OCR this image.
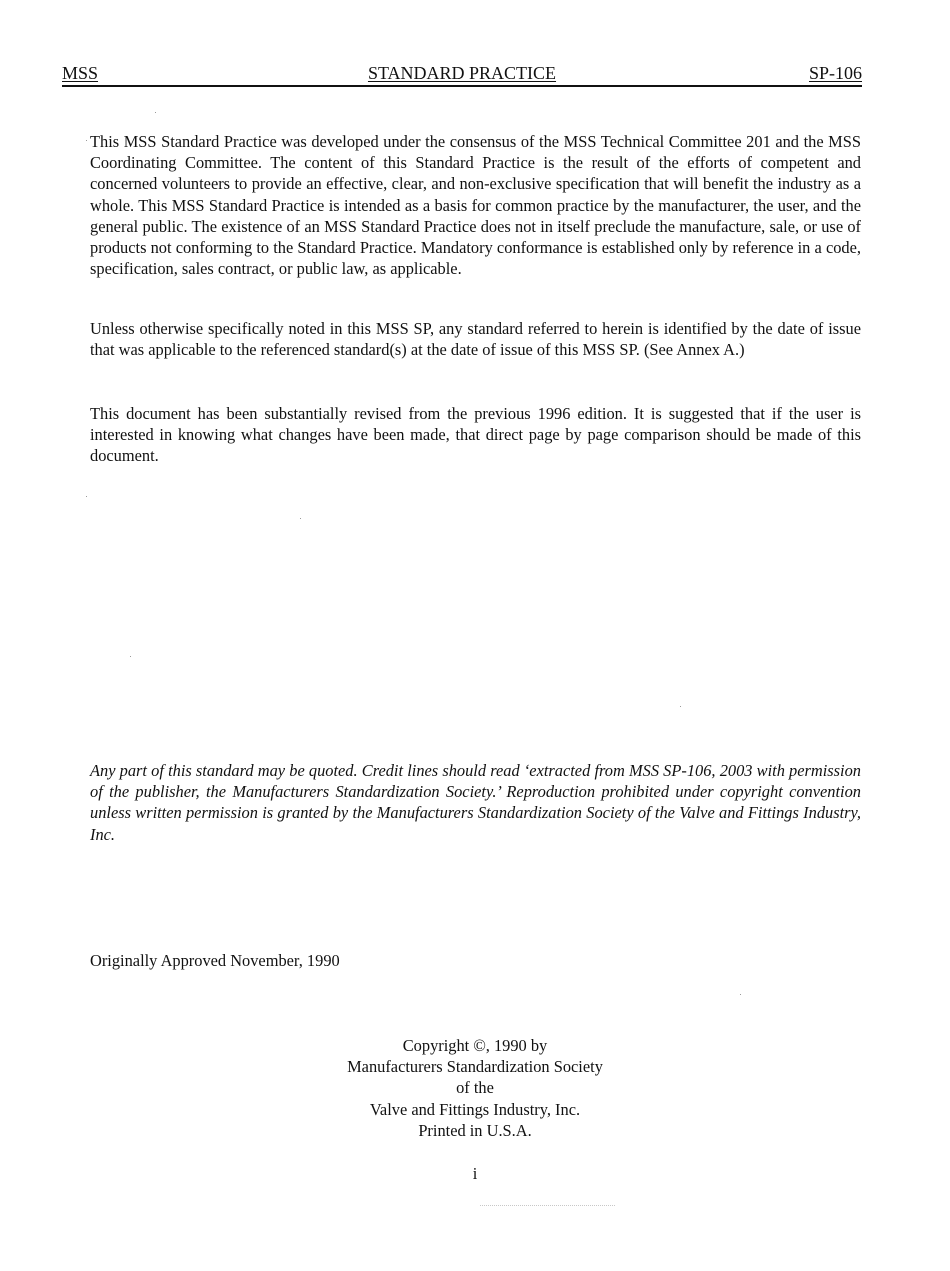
MSS	STANDARD PRACTICE	SP-106

This MSS Standard Practice was developed under the consensus of the MSS Technical Committee 201 and the MSS Coordinating Committee. The content of this Standard Practice is the result of the efforts of competent and concerned volunteers to provide an effective, clear, and non-exclusive specification that will benefit the industry as a whole. This MSS Standard Practice is intended as a basis for common practice by the manufacturer, the user, and the general public. The existence of an MSS Standard Practice does not in itself preclude the manufacture, sale, or use of products not conforming to the Standard Practice. Mandatory conformance is established only by reference in a code, specification, sales contract, or public law, as applicable.

Unless otherwise specifically noted in this MSS SP, any standard referred to herein is identified by the date of issue that was applicable to the referenced standard(s) at the date of issue of this MSS SP. (See Annex A.)

This document has been substantially revised from the previous 1996 edition. It is suggested that if the user is interested in knowing what changes have been made, that direct page by page comparison should be made of this document.

Any part of this standard may be quoted. Credit lines should read ‘extracted from MSS SP-106, 2003 with permission of the publisher, the Manufacturers Standardization Society.’ Reproduction prohibited under copyright convention unless written permission is granted by the Manufacturers Standardization Society of the Valve and Fittings Industry, Inc.

Originally Approved November, 1990

Copyright ©, 1990 by
Manufacturers Standardization Society
of the
Valve and Fittings Industry, Inc.
Printed in U.S.A.
i
